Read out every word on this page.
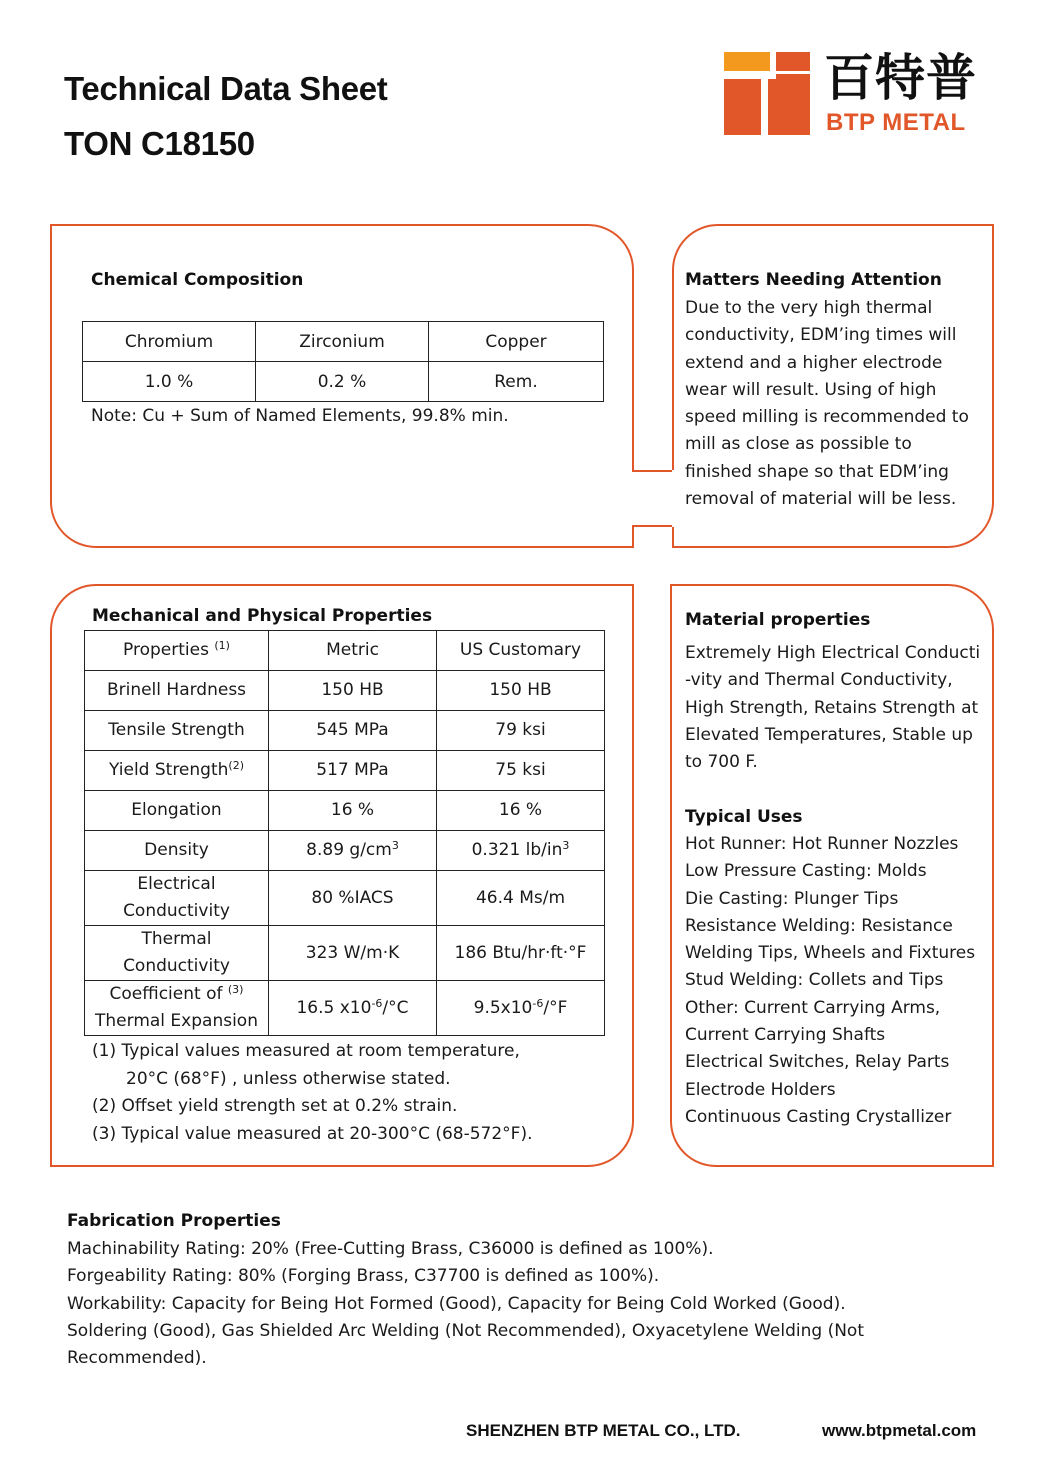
Technical Data Sheet
TON C18150
百特普
BTP METAL
Chemical Composition
Chromium	Zirconium	Copper
1.0 %	0.2 %	Rem.
Note: Cu + Sum of Named Elements, 99.8% min.
Matters Needing Attention
Due to the very high thermal
conductivity, EDM’ing times will
extend and a higher electrode
wear will result. Using of high
speed milling is recommended to
mill as close as possible to
finished shape so that EDM’ing
removal of material will be less.
Mechanical and Physical Properties
Properties $^{(1)}$	Metric	US Customary
Brinell Hardness	150 HB	150 HB
Tensile Strength	545 MPa	79 ksi
Yield Strength$^{(2)}$	517 MPa	75 ksi
Elongation	16 %	16 %
Density	8.89 $g/cm^3$	0.321 $lb/in^3$

Electrical
Conductivity	80 %IACS	46.4 Ms/m

Thermal
Conductivity	323 W/m·K	186 Btu/hr·ft·°F

Coefficient of $^{(3)}$
Thermal Expansion	16.5 $x10^{-6}/^\circ C$	$9.5x10^{-6}/^\circ F$
(1) Typical values measured at room temperature,
20°C (68°F) , unless otherwise stated.
(2) Offset yield strength set at 0.2% strain.
(3) Typical value measured at 20-300°C (68-572°F).
Material properties
Extremely High Electrical Conducti
-vity and Thermal Conductivity,
High Strength, Retains Strength at
Elevated Temperatures, Stable up
to 700 F.
Typical Uses
Hot Runner: Hot Runner Nozzles
Low Pressure Casting: Molds
Die Casting: Plunger Tips
Resistance Welding: Resistance
Welding Tips, Wheels and Fixtures
Stud Welding: Collets and Tips
Other: Current Carrying Arms,
Current Carrying Shafts
Electrical Switches, Relay Parts
Electrode Holders
Continuous Casting Crystallizer
Fabrication Properties
Machinability Rating: 20% (Free-Cutting Brass, C36000 is defined as 100%).
Forgeability Rating: 80% (Forging Brass, C37700 is defined as 100%).
Workability: Capacity for Being Hot Formed (Good), Capacity for Being Cold Worked (Good).
Soldering (Good), Gas Shielded Arc Welding (Not Recommended), Oxyacetylene Welding (Not
Recommended).
SHENZHEN BTP METAL CO., LTD.	www.btpmetal.com
